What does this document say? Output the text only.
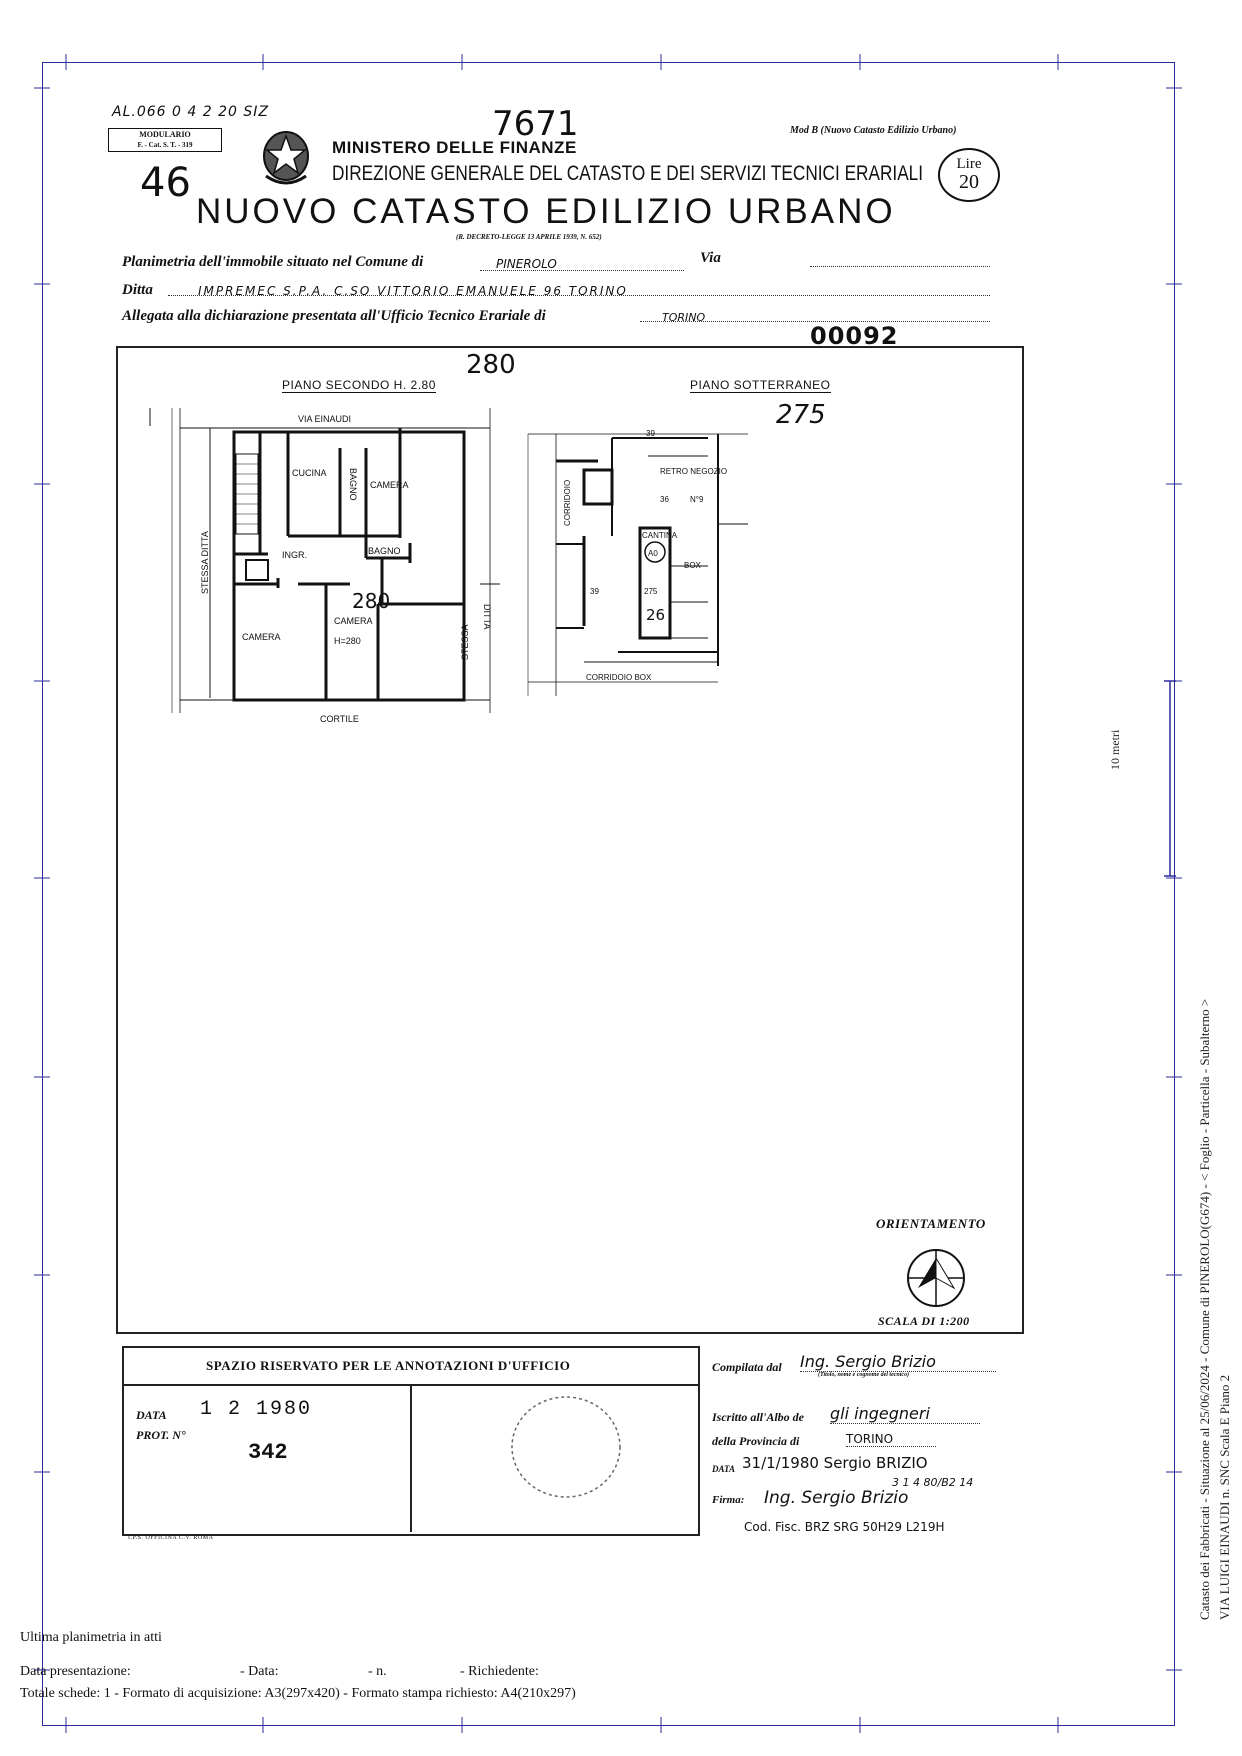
10 metri
Catasto dei Fabbricati - Situazione al 25/06/2024 - Comune di PINEROLO(G674) - < Foglio - Particella - Subalterno > VIA LUIGI EINAUDI n. SNC Scala E Piano 2
AL.066 0 4 2 20 SIZ
MODULARIO
F. - Cat. S. T. - 319
46
MINISTERO DELLE FINANZE
7671	Mod B (Nuovo Catasto Edilizio Urbano)
Lire
20
DIREZIONE GENERALE DEL CATASTO E DEI SERVIZI TECNICI ERARIALI
NUOVO CATASTO EDILIZIO URBANO
(R. DECRETO-LEGGE 13 APRILE 1939, N. 652)
Planimetria dell'immobile situato nel Comune di	PINEROLO	Via
Ditta	IMPREMEC S.P.A. C.SO VITTORIO EMANUELE 96 TORINO
Allegata alla dichiarazione presentata all'Ufficio Tecnico Erariale di	TORINO
00092
PIANO SECONDO H. 2.80
280
PIANO SOTTERRANEO
275
VIA EINAUDI
CUCINA
CAMERA
INGR.	BAGNO
CAMERA
CAMERA	H=280
CORTILE
BAGNO
STESSA DITTA
STESSA
DITTA
280
39
RETRO NEGOZIO
36	N°9
CANTINA
A0
BOX
39	275
CORRIDOIO BOX
CORRIDOIO
26
ORIENTAMENTO
SCALA DI 1:200
SPAZIO RISERVATO PER LE ANNOTAZIONI D'UFFICIO
DATA 1 2 1980
PROT. N°
342
I.P.S. OFFICINA C.V. ROMA
Compilata dal Ing. Sergio Brizio
(Titolo, nome e cognome del tecnico)
Iscritto all'Albo de gli ingegneri
della Provincia di	TORINO
DATA 31/1/1980 Sergio BRIZIO
3 1 4 80/B2 14
Firma: Ing. Sergio Brizio
Cod. Fisc. BRZ SRG 50H29 L219H
Ultima planimetria in atti
Data presentazione:	- Data:	- n.	- Richiedente:
Totale schede: 1 - Formato di acquisizione: A3(297x420) - Formato stampa richiesto: A4(210x297)
